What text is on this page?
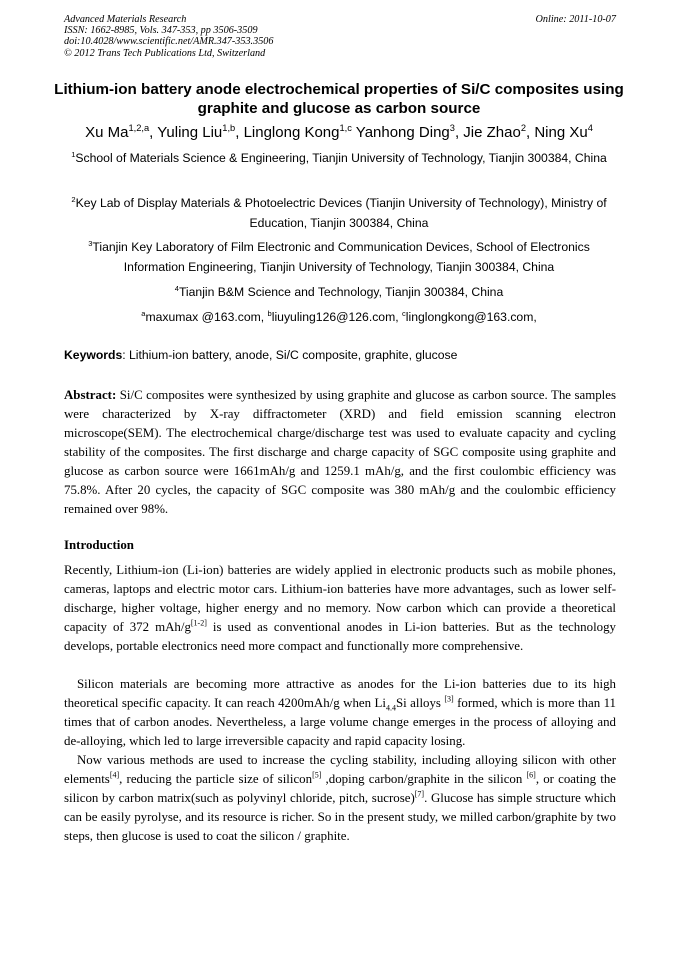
Advanced Materials Research
ISSN: 1662-8985, Vols. 347-353, pp 3506-3509
doi:10.4028/www.scientific.net/AMR.347-353.3506
© 2012 Trans Tech Publications Ltd, Switzerland
Online: 2011-10-07
Lithium-ion battery anode electrochemical properties of Si/C composites using graphite and glucose as carbon source
Xu Ma$^{1,2,a}$, Yuling Liu$^{1,b}$, Linglong Kong$^{1,c}$ Yanhong Ding$^3$, Jie Zhao$^2$, Ning Xu$^4$
$^1$School of Materials Science & Engineering, Tianjin University of Technology, Tianjin 300384, China
$^2$Key Lab of Display Materials & Photoelectric Devices (Tianjin University of Technology), Ministry of Education, Tianjin 300384, China
$^3$Tianjin Key Laboratory of Film Electronic and Communication Devices, School of Electronics Information Engineering, Tianjin University of Technology, Tianjin 300384, China
$^4$Tianjin B&M Science and Technology, Tianjin 300384, China
$^a$maxumax @163.com, $^b$liuyuling126@126.com, $^c$linglongkong@163.com,
Keywords: Lithium-ion battery, anode, Si/C composite, graphite, glucose
Abstract: Si/C composites were synthesized by using graphite and glucose as carbon source. The samples were characterized by X-ray diffractometer (XRD) and field emission scanning electron microscope(SEM). The electrochemical charge/discharge test was used to evaluate capacity and cycling stability of the composites. The first discharge and charge capacity of SGC composite using graphite and glucose as carbon source were 1661mAh/g and 1259.1 mAh/g, and the first coulombic efficiency was 75.8%. After 20 cycles, the capacity of SGC composite was 380 mAh/g and the coulombic efficiency remained over 98%.
Introduction
Recently, Lithium-ion (Li-ion) batteries are widely applied in electronic products such as mobile phones, cameras, laptops and electric motor cars. Lithium-ion batteries have more advantages, such as lower self-discharge, higher voltage, higher energy and no memory. Now carbon which can provide a theoretical capacity of 372 mAh/g[1-2] is used as conventional anodes in Li-ion batteries. But as the technology develops, portable electronics need more compact and functionally more comprehensive.
Silicon materials are becoming more attractive as anodes for the Li-ion batteries due to its high theoretical specific capacity. It can reach 4200mAh/g when $Li_{4.4}Si$ alloys [3] formed, which is more than 11 times that of carbon anodes. Nevertheless, a large volume change emerges in the process of alloying and de-alloying, which led to large irreversible capacity and rapid capacity losing.
Now various methods are used to increase the cycling stability, including alloying silicon with other elements[4], reducing the particle size of silicon[5] ,doping carbon/graphite in the silicon [6], or coating the silicon by carbon matrix(such as polyvinyl chloride, pitch, sucrose)[7]. Glucose has simple structure which can be easily pyrolyse, and its resource is richer. So in the present study, we milled carbon/graphite by two steps, then glucose is used to coat the silicon / graphite.
